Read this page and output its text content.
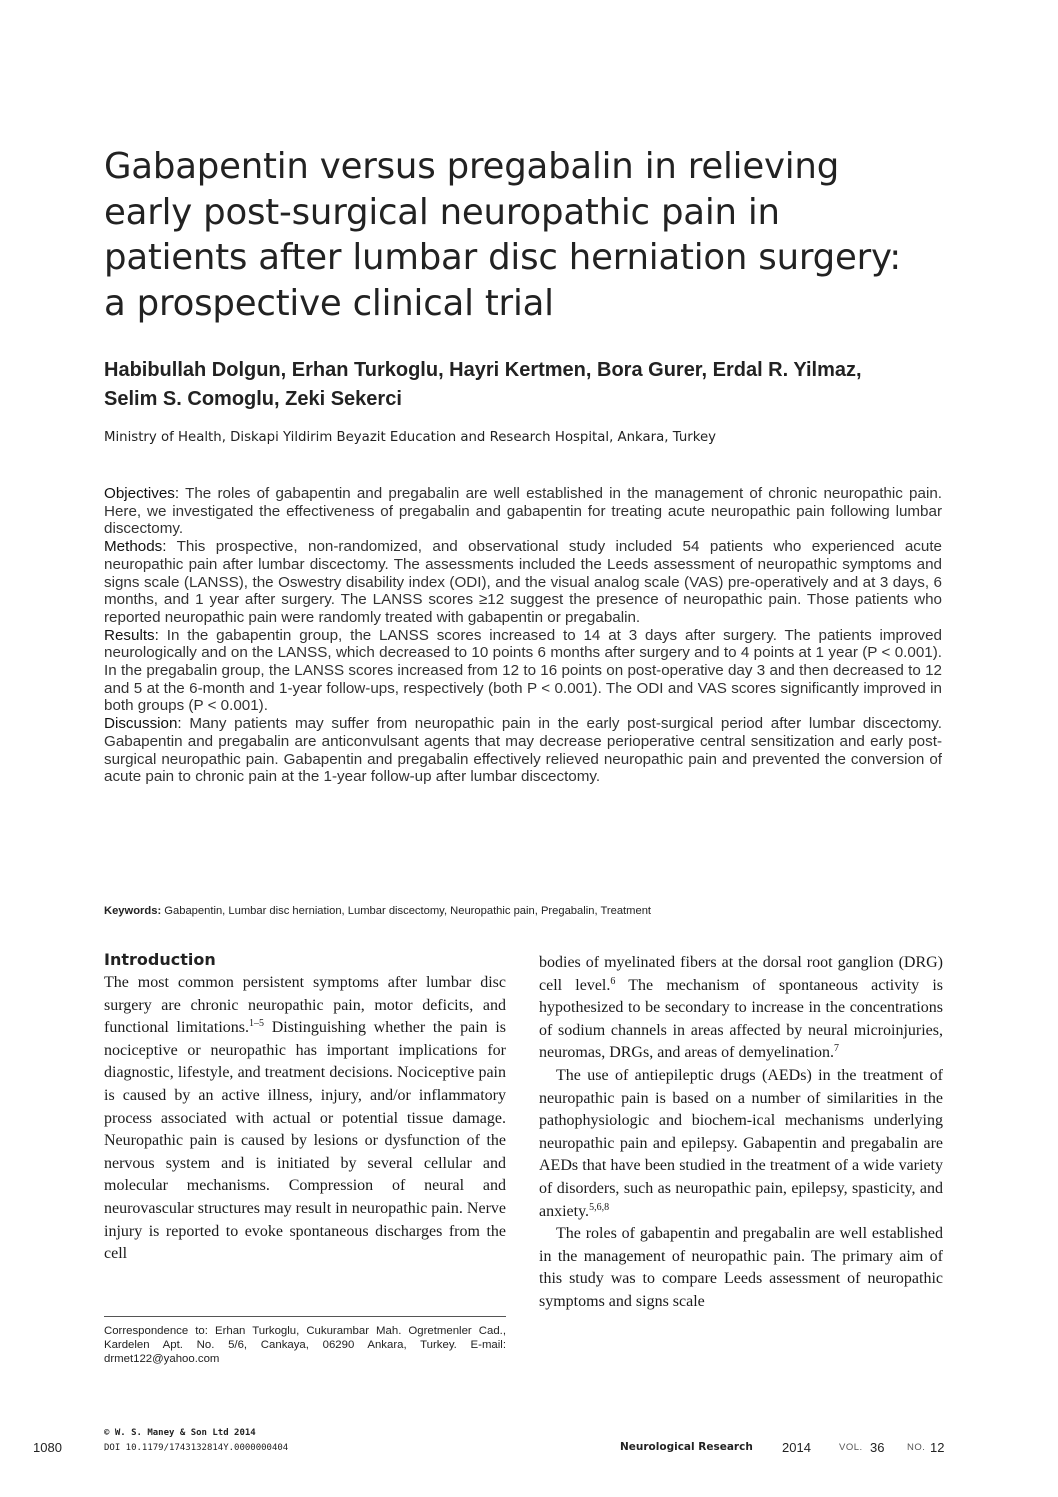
Gabapentin versus pregabalin in relieving
early post-surgical neuropathic pain in
patients after lumbar disc herniation surgery:
a prospective clinical trial
Habibullah Dolgun, Erhan Turkoglu, Hayri Kertmen, Bora Gurer, Erdal R. Yilmaz,
Selim S. Comoglu, Zeki Sekerci
Ministry of Health, Diskapi Yildirim Beyazit Education and Research Hospital, Ankara, Turkey

Objectives: The roles of gabapentin and pregabalin are well established in the management of chronic neuropathic pain. Here, we investigated the effectiveness of pregabalin and gabapentin for treating acute neuropathic pain following lumbar discectomy.

Methods: This prospective, non-randomized, and observational study included 54 patients who experienced acute neuropathic pain after lumbar discectomy. The assessments included the Leeds assessment of neuropathic symptoms and signs scale (LANSS), the Oswestry disability index (ODI), and the visual analog scale (VAS) pre-operatively and at 3 days, 6 months, and 1 year after surgery. The LANSS scores ≥12 suggest the presence of neuropathic pain. Those patients who reported neuropathic pain were randomly treated with gabapentin or pregabalin.

Results: In the gabapentin group, the LANSS scores increased to 14 at 3 days after surgery. The patients improved neurologically and on the LANSS, which decreased to 10 points 6 months after surgery and to 4 points at 1 year (P < 0.001). In the pregabalin group, the LANSS scores increased from 12 to 16 points on post-operative day 3 and then decreased to 12 and 5 at the 6-month and 1-year follow-ups, respectively (both P < 0.001). The ODI and VAS scores significantly improved in both groups (P < 0.001).

Discussion: Many patients may suffer from neuropathic pain in the early post-surgical period after lumbar discectomy. Gabapentin and pregabalin are anticonvulsant agents that may decrease perioperative central sensitization and early post-surgical neuropathic pain. Gabapentin and pregabalin effectively relieved neuropathic pain and prevented the conversion of acute pain to chronic pain at the 1-year follow-up after lumbar discectomy.

Keywords: Gabapentin, Lumbar disc herniation, Lumbar discectomy, Neuropathic pain, Pregabalin, Treatment
Introduction

The most common persistent symptoms after lumbar disc surgery are chronic neuropathic pain, motor deficits, and functional limitations.$^{1-5}$ Distinguishing whether the pain is nociceptive or neuropathic has important implications for diagnostic, lifestyle, and treatment decisions. Nociceptive pain is caused by an active illness, injury, and/or inflammatory process associated with actual or potential tissue damage. Neuropathic pain is caused by lesions or dysfunction of the nervous system and is initiated by several cellular and molecular mechanisms. Compression of neural and neurovascular structures may result in neuropathic pain. Nerve injury is reported to evoke spontaneous discharges from the cell

bodies of myelinated fibers at the dorsal root ganglion (DRG) cell level.$^6$ The mechanism of spontaneous activity is hypothesized to be secondary to increase in the concentrations of sodium channels in areas affected by neural microinjuries, neuromas, DRGs, and areas of demyelination.$^7$

The use of antiepileptic drugs (AEDs) in the treatment of neuropathic pain is based on a number of similarities in the pathophysiologic and biochem-ical mechanisms underlying neuropathic pain and epilepsy. Gabapentin and pregabalin are AEDs that have been studied in the treatment of a wide variety of disorders, such as neuropathic pain, epilepsy, spasticity, and anxiety.$^{5,6,8}$

The roles of gabapentin and pregabalin are well established in the management of neuropathic pain. The primary aim of this study was to compare Leeds assessment of neuropathic symptoms and signs scale

Correspondence to: Erhan Turkoglu, Cukurambar Mah. Ogretmenler Cad., Kardelen Apt. No. 5/6, Cankaya, 06290 Ankara, Turkey. E-mail: drmet122@yahoo.com

© W. S. Maney & Son Ltd 2014
DOI 10.1179/1743132814Y.0000000404
1080	Neurological Research 2014	VOL. 36 NO. 12
